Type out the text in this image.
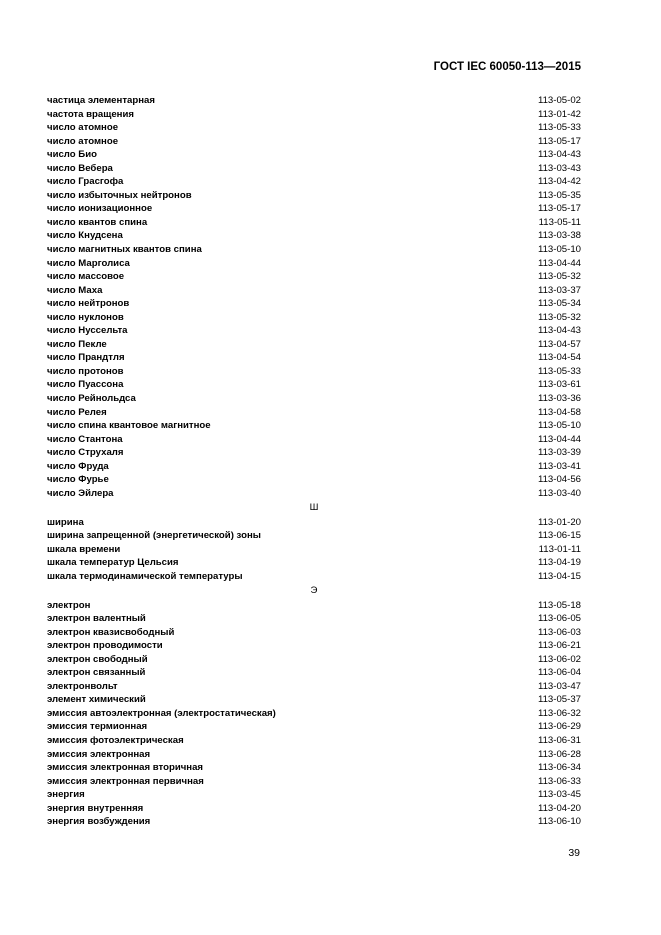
ГОСТ IEC 60050-113—2015
частица элементарная	113-05-02
частота вращения	113-01-42
число атомное	113-05-33
число атомное	113-05-17
число Био	113-04-43
число Вебера	113-03-43
число Грасгофа	113-04-42
число избыточных нейтронов	113-05-35
число ионизационное	113-05-17
число квантов спина	113-05-11
число Кнудсена	113-03-38
число магнитных квантов спина	113-05-10
число Марголиса	113-04-44
число массовое	113-05-32
число Маха	113-03-37
число нейтронов	113-05-34
число нуклонов	113-05-32
число Нуссельта	113-04-43
число Пекле	113-04-57
число Прандтля	113-04-54
число протонов	113-05-33
число Пуассона	113-03-61
число Рейнольдса	113-03-36
число Релея	113-04-58
число спина квантовое магнитное	113-05-10
число Стантона	113-04-44
число Струхаля	113-03-39
число Фруда	113-03-41
число Фурье	113-04-56
число Эйлера	113-03-40
Ш
ширина	113-01-20
ширина запрещенной (энергетической) зоны	113-06-15
шкала времени	113-01-11
шкала температур Цельсия	113-04-19
шкала термодинамической температуры	113-04-15
Э
электрон	113-05-18
электрон валентный	113-06-05
электрон квазисвободный	113-06-03
электрон проводимости	113-06-21
электрон свободный	113-06-02
электрон связанный	113-06-04
электронвольт	113-03-47
элемент химический	113-05-37
эмиссия автоэлектронная (электростатическая)	113-06-32
эмиссия термионная	113-06-29
эмиссия фотоэлектрическая	113-06-31
эмиссия электронная	113-06-28
эмиссия электронная вторичная	113-06-34
эмиссия электронная первичная	113-06-33
энергия	113-03-45
энергия внутренняя	113-04-20
энергия возбуждения	113-06-10
39
